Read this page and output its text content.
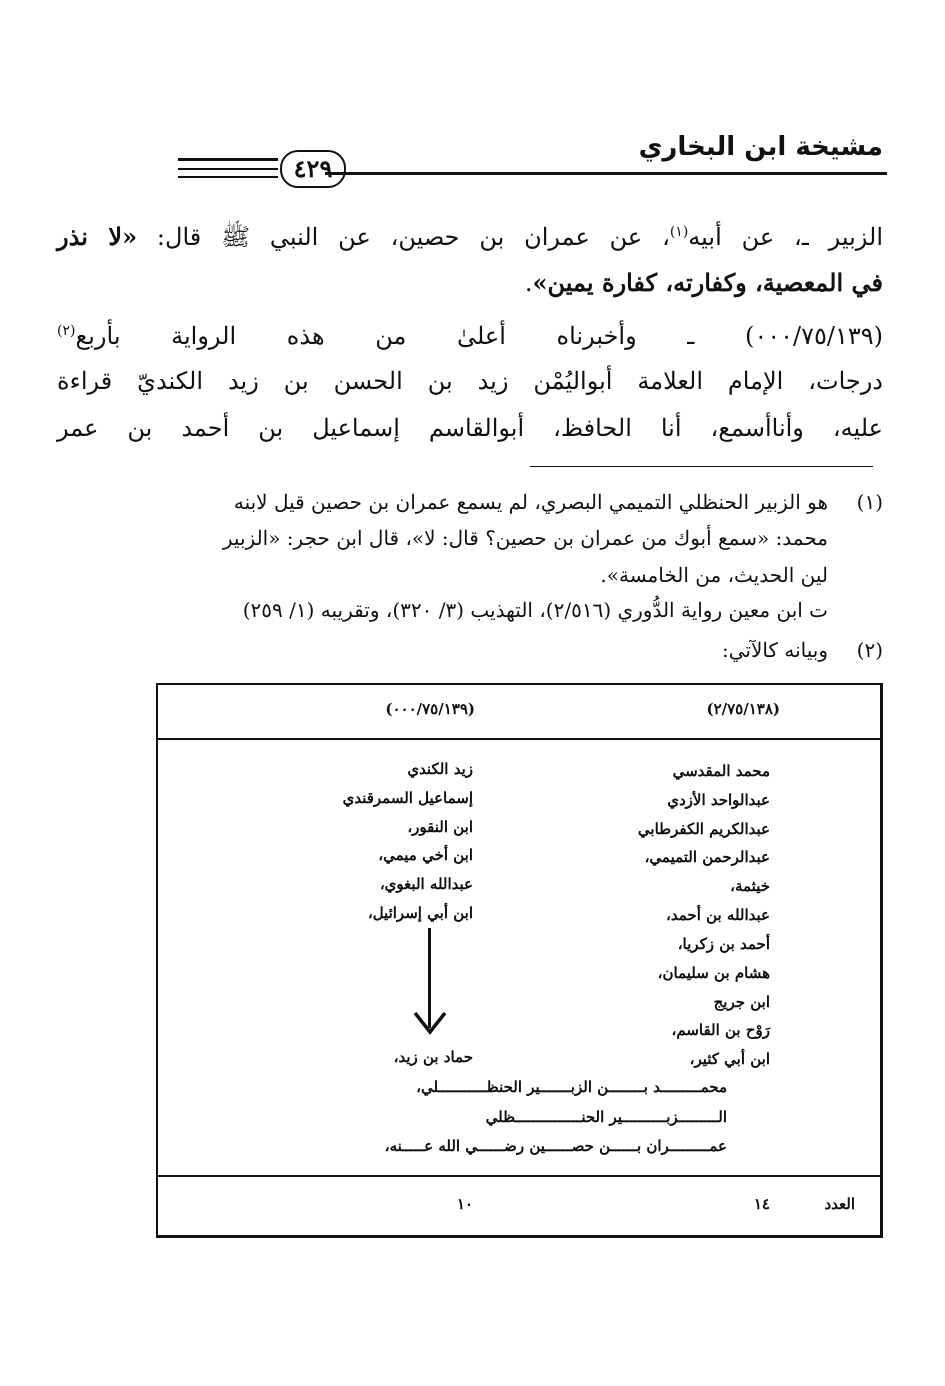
مشيخة ابن البخاري
٤٢٩
الزبير ـ، عن أبيه$^{(١)}$، عن عمران بن حصين، عن النبي ﷺ قال: «لا نذر
في المعصية، وكفارته، كفارة يمين».
(٠٠٠/٧٥/١٣٩) ـ وأخبرناه أعلىٰ من هذه الرواية بأربع$^{(٢)}$
درجات، الإمام العلامة أبواليُمْن زيد بن الحسن بن زيد الكنديّ قراءة
عليه، وأناأسمع، أنا الحافظ، أبوالقاسم إسماعيل بن أحمد بن عمر
(١)
هو الزبير الحنظلي التميمي البصري، لم يسمع عمران بن حصين قيل لابنه
محمد: «سمع أبوك من عمران بن حصين؟ قال: لا»، قال ابن حجر: «الزبير
لين الحديث، من الخامسة».
ت ابن معين رواية الدُّوري (٢/٥١٦)، التهذيب (٣/ ٣٢٠)، وتقريبه (١/ ٢٥٩)
(٢)
وبيانه كالآتي:
(٢/٧٥/١٣٨)
(٠٠٠/٧٥/١٣٩)
محمد المقدسي
عبدالواحد الأزدي
عبدالكريم الكفرطابي
عبدالرحمن التميمي،
خيثمة،
عبدالله بن أحمد،
أحمد بن زكريا،
هشام بن سليمان،
ابن جريج
رَوْح بن القاسم،
ابن أبي كثير،
زيد الكندي
إسماعيل السمرقندي
ابن النقور،
ابن أخي ميمي،
عبدالله البغوي،
ابن أبي إسرائيل،
حماد بن زيد،
محمـــــــــد بــــــــن الزبـــــــير الحنظـــــــــــلي،
الـــــــــزبــــــــــير الحنـــــــــــــــظلي
عمـــــــــران بــــــن حصــــــين رضــــــي الله عـــــنه،
العدد
١٤
١٠
